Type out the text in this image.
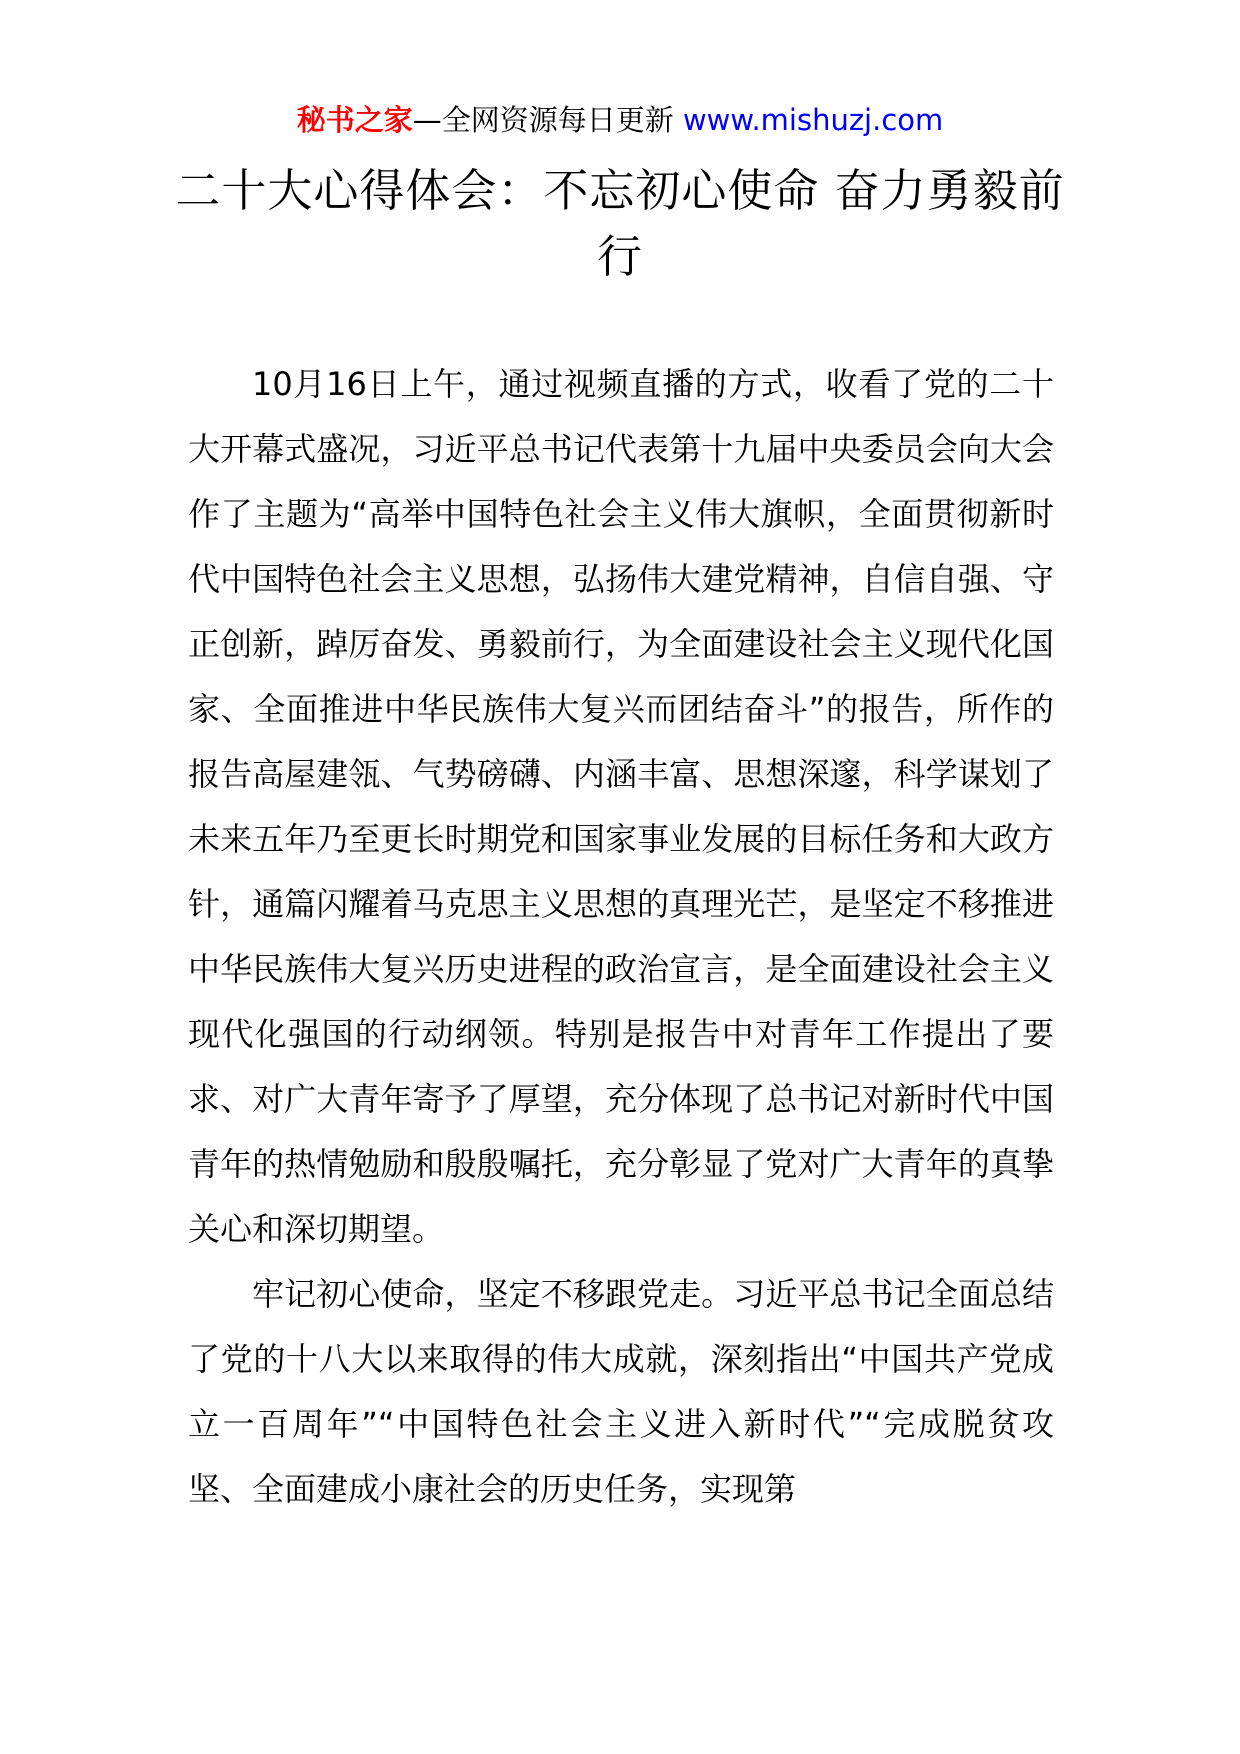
秘书之家—全网资源每日更新 www.mishuzj.com
二十大心得体会：不忘初心使命 奋力勇毅前行

10月16日上午，通过视频直播的方式，收看了党的二十大开幕式盛况，习近平总书记代表第十九届中央委员会向大会作了主题为“高举中国特色社会主义伟大旗帜，全面贯彻新时代中国特色社会主义思想，弘扬伟大建党精神，自信自强、守正创新，踔厉奋发、勇毅前行，为全面建设社会主义现代化国家、全面推进中华民族伟大复兴而团结奋斗”的报告，所作的报告高屋建瓴、气势磅礴、内涵丰富、思想深邃，科学谋划了未来五年乃至更长时期党和国家事业发展的目标任务和大政方针，通篇闪耀着马克思主义思想的真理光芒，是坚定不移推进中华民族伟大复兴历史进程的政治宣言，是全面建设社会主义现代化强国的行动纲领。特别是报告中对青年工作提出了要求、对广大青年寄予了厚望，充分体现了总书记对新时代中国青年的热情勉励和殷殷嘱托，充分彰显了党对广大青年的真挚关心和深切期望。

牢记初心使命，坚定不移跟党走。习近平总书记全面总结了党的十八大以来取得的伟大成就，深刻指出“中国共产党成立一百周年”“中国特色社会主义进入新时代”“完成脱贫攻坚、全面建成小康社会的历史任务，实现第
